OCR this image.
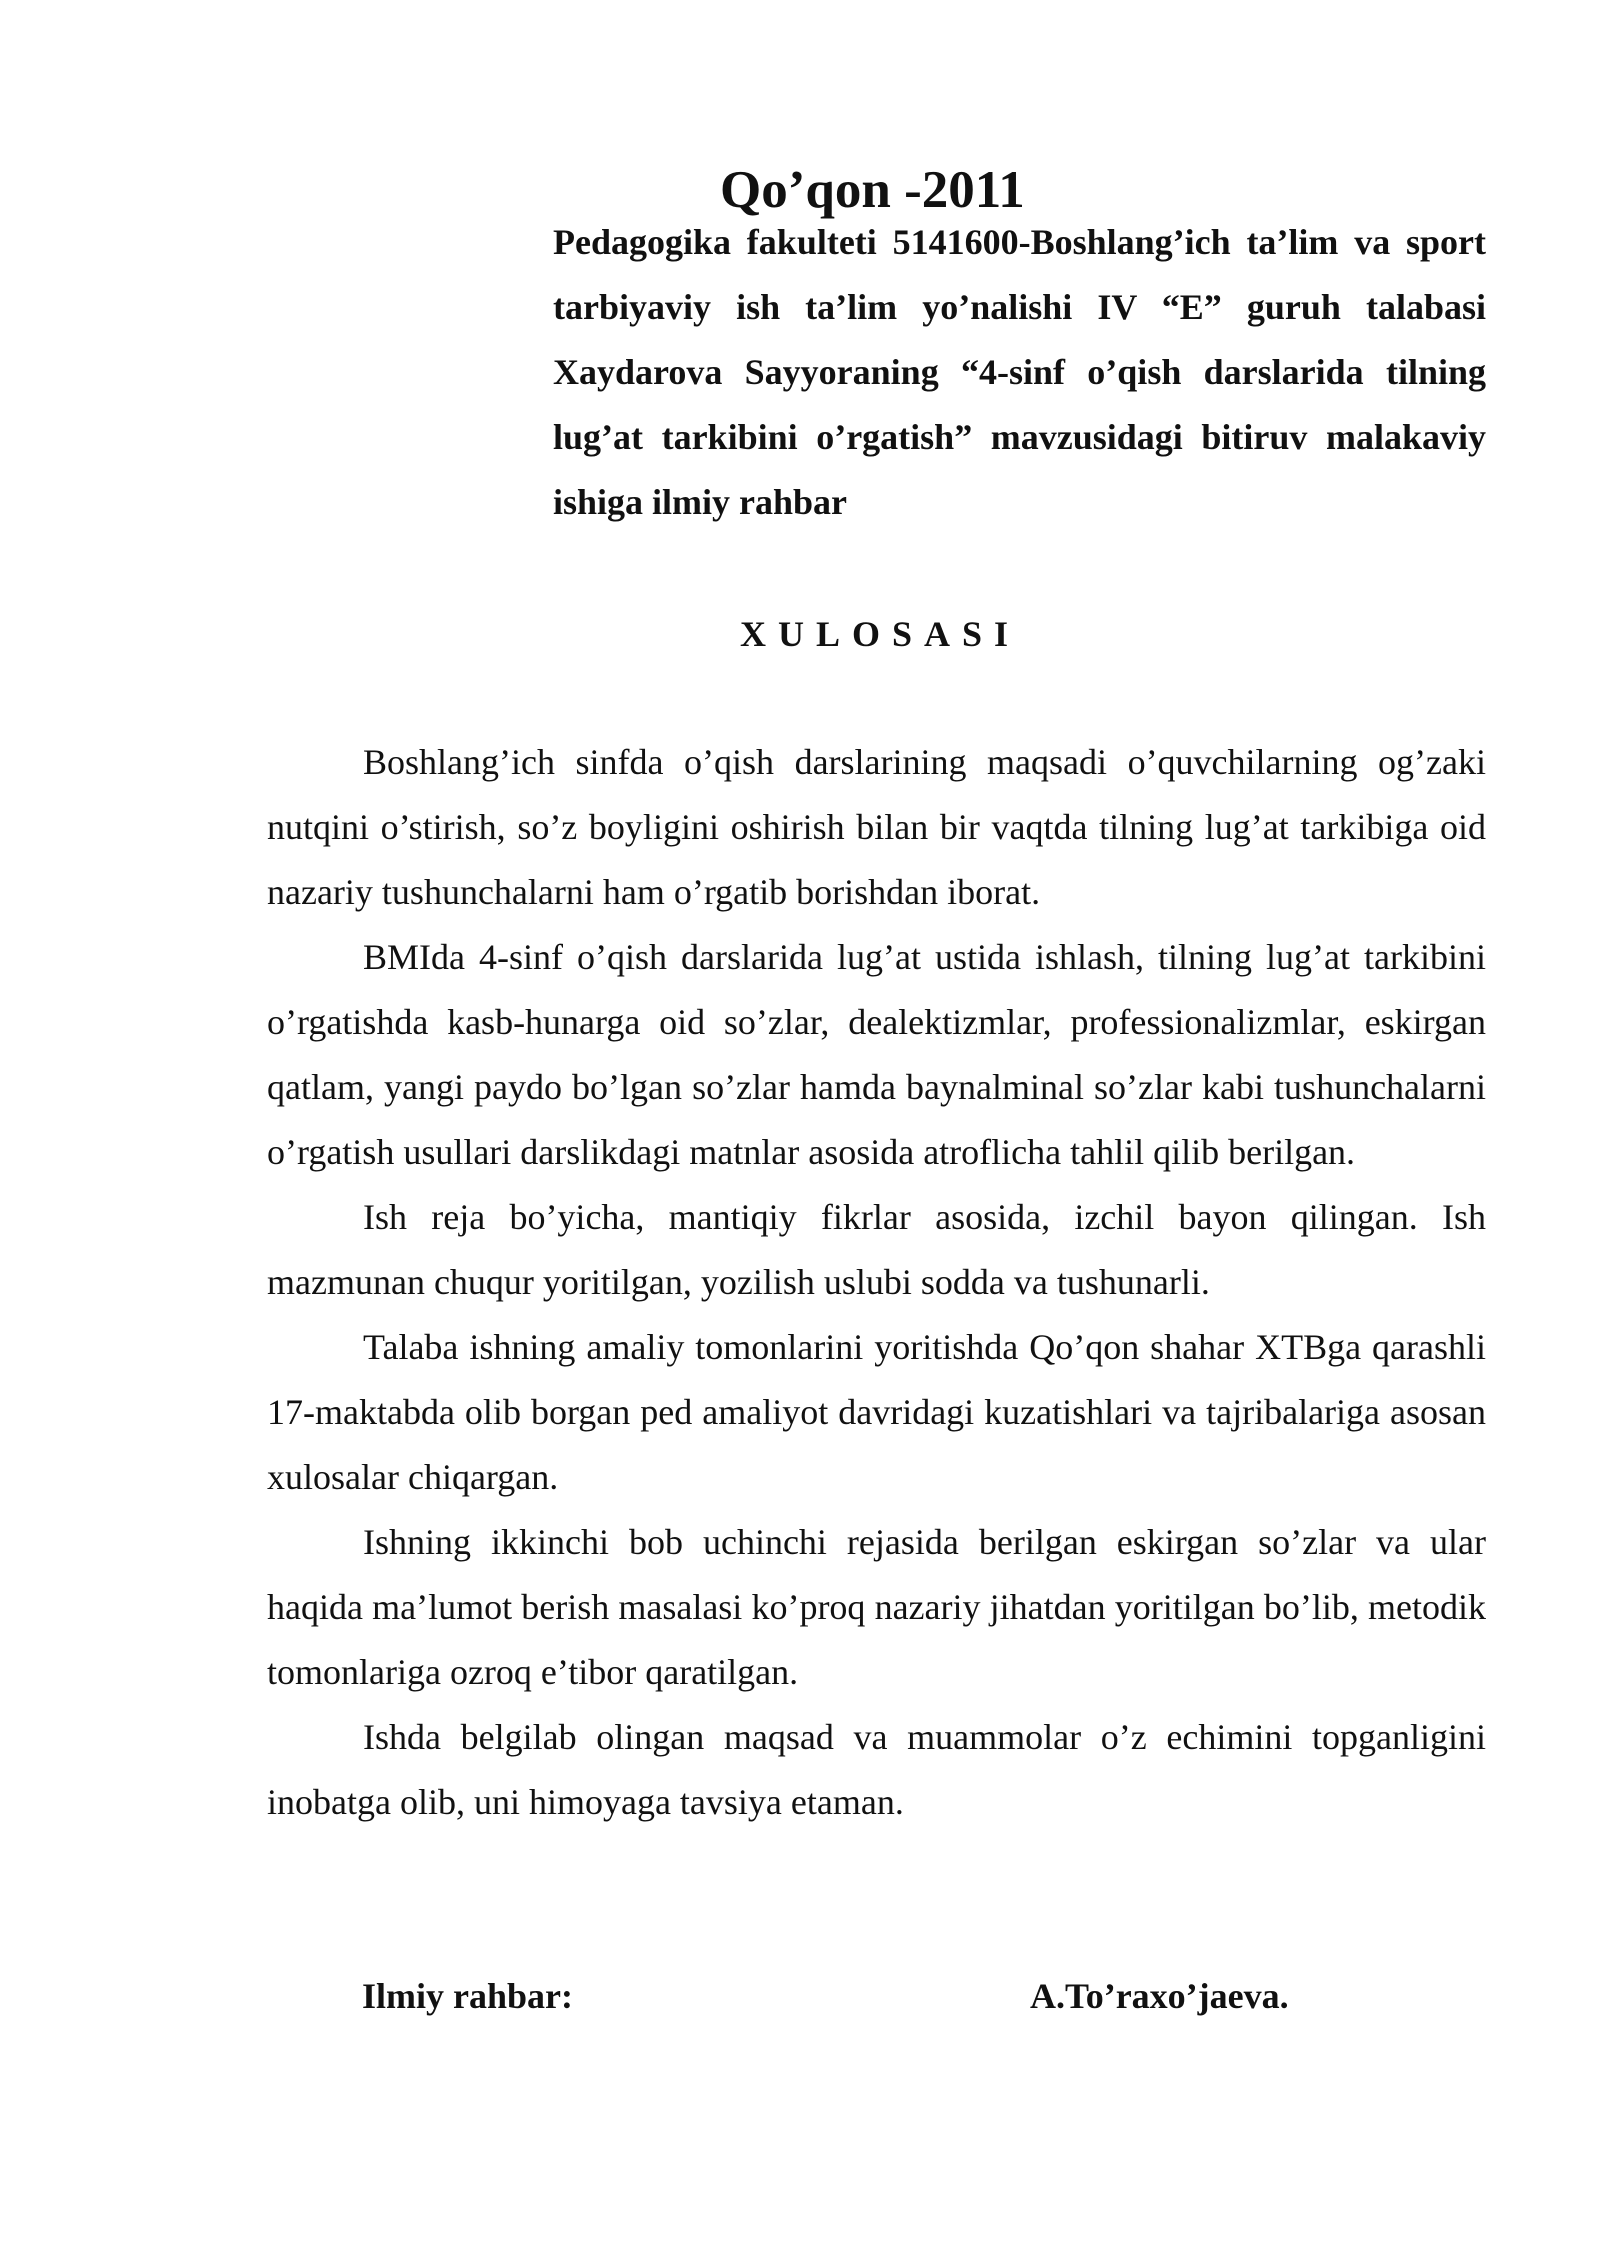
Qo’qon -2011
Pedagogika fakulteti 5141600-Boshlang’ich ta’lim va sport tarbiyaviy ish ta’lim yo’nalishi IV “E” guruh talabasi Xaydarova Sayyoraning “4-sinf o’qish darslarida tilning lug’at tarkibini o’rgatish” mavzusidagi bitiruv malakaviy ishiga ilmiy rahbar
XULOSASI

Boshlang’ich sinfda o’qish darslarining maqsadi o’quvchilarning og’zaki nutqini o’stirish, so’z boyligini oshirish bilan bir vaqtda tilning lug’at tarkibiga oid nazariy tushunchalarni ham o’rgatib borishdan iborat.

BMIda 4-sinf o’qish darslarida lug’at ustida ishlash, tilning lug’at tarkibini o’rgatishda kasb-hunarga oid so’zlar, dealektizmlar, professionalizmlar, eskirgan qatlam, yangi paydo bo’lgan so’zlar hamda baynalminal so’zlar kabi tushunchalarni o’rgatish usullari darslikdagi matnlar asosida atroflicha tahlil qilib berilgan.

Ish reja bo’yicha, mantiqiy fikrlar asosida, izchil bayon qilingan. Ish mazmunan chuqur yoritilgan, yozilish uslubi sodda va tushunarli.

Talaba ishning amaliy tomonlarini yoritishda Qo’qon shahar XTBga qarashli 17-maktabda olib borgan ped amaliyot davridagi kuzatishlari va tajribalariga asosan xulosalar chiqargan.

Ishning ikkinchi bob uchinchi rejasida berilgan eskirgan so’zlar va ular haqida ma’lumot berish masalasi ko’proq nazariy jihatdan yoritilgan bo’lib, metodik tomonlariga ozroq e’tibor qaratilgan.

Ishda belgilab olingan maqsad va muammolar o’z echimini topganligini inobatga olib, uni himoyaga tavsiya etaman.

Ilmiy rahbar:	A.To’raxo’jaeva.
